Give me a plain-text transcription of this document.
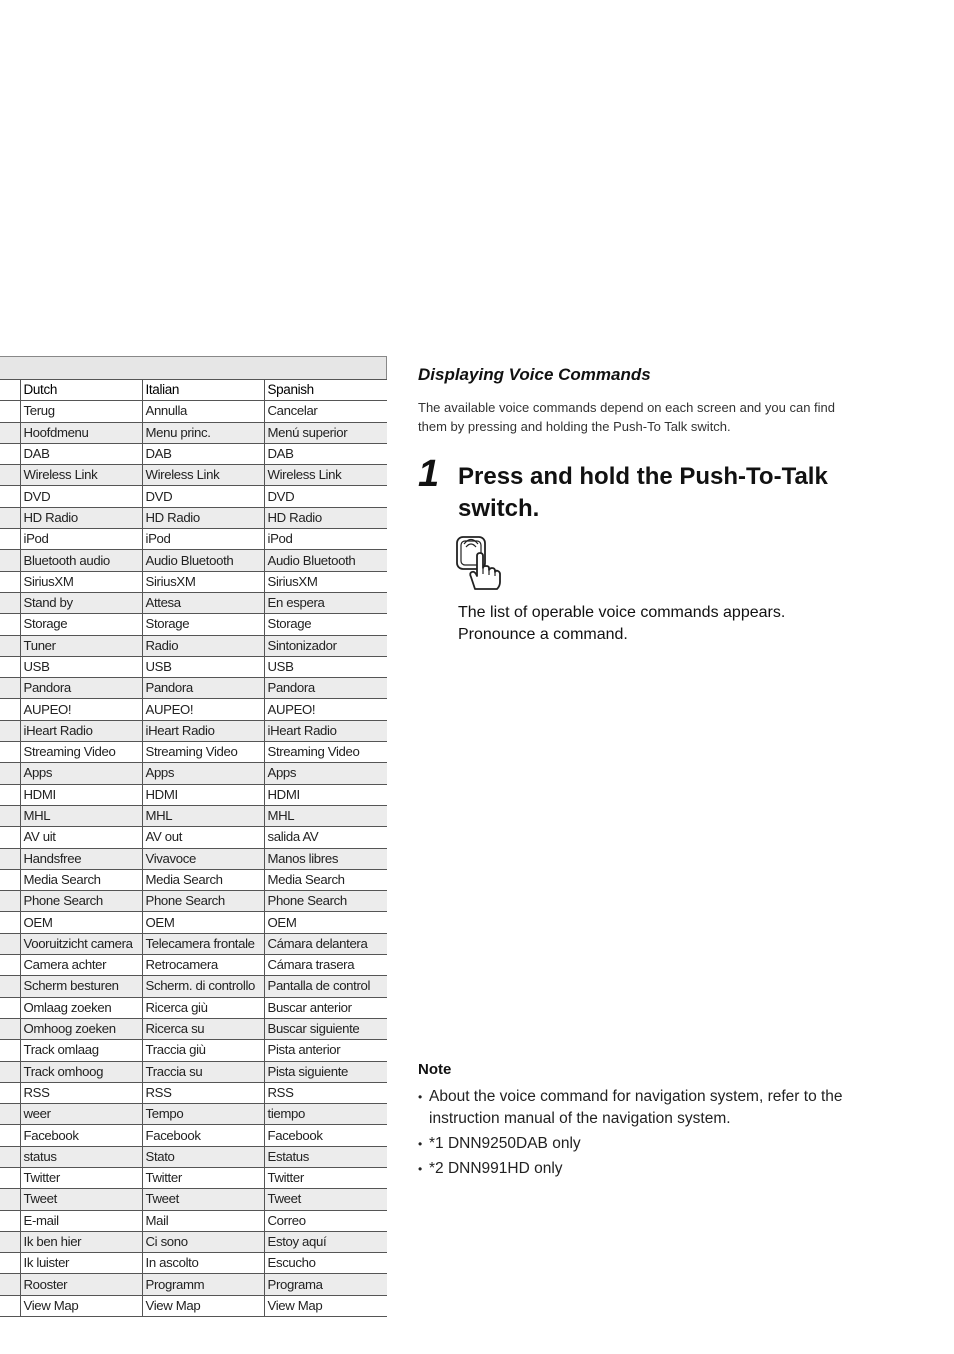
	Dutch	Italian	Spanish
	Terug	Annulla	Cancelar
	Hoofdmenu	Menu princ.	Menú superior
	DAB	DAB	DAB
	Wireless Link	Wireless Link	Wireless Link
	DVD	DVD	DVD
	HD Radio	HD Radio	HD Radio
	iPod	iPod	iPod
	Bluetooth audio	Audio Bluetooth	Audio Bluetooth
	SiriusXM	SiriusXM	SiriusXM
	Stand by	Attesa	En espera
	Storage	Storage	Storage
	Tuner	Radio	Sintonizador
	USB	USB	USB
	Pandora	Pandora	Pandora
	AUPEO!	AUPEO!	AUPEO!
	iHeart Radio	iHeart Radio	iHeart Radio
	Streaming Video	Streaming Video	Streaming Video
	Apps	Apps	Apps
	HDMI	HDMI	HDMI
	MHL	MHL	MHL
	AV uit	AV out	salida AV
	Handsfree	Vivavoce	Manos libres
	Media Search	Media Search	Media Search
	Phone Search	Phone Search	Phone Search
	OEM	OEM	OEM
	Vooruitzicht camera	Telecamera frontale	Cámara delantera
	Camera achter	Retrocamera	Cámara trasera
	Scherm besturen	Scherm. di controllo	Pantalla de control
	Omlaag zoeken	Ricerca giù	Buscar anterior
	Omhoog zoeken	Ricerca su	Buscar siguiente
	Track omlaag	Traccia giù	Pista anterior
	Track omhoog	Traccia su	Pista siguiente
	RSS	RSS	RSS
	weer	Tempo	tiempo
	Facebook	Facebook	Facebook
	status	Stato	Estatus
	Twitter	Twitter	Twitter
	Tweet	Tweet	Tweet
	E-mail	Mail	Correo
	Ik ben hier	Ci sono	Estoy aquí
	Ik luister	In ascolto	Escucho
	Rooster	Programm	Programa
	View Map	View Map	View Map
Displaying Voice Commands

The available voice commands depend on each screen and you can find them by pressing and holding the Push-To Talk switch.

1 Press and hold the Push-To-Talk switch.

The list of operable voice commands appears.
Pronounce a command.

Note
• About the voice command for navigation system, refer to the instruction manual of the navigation system.
• *1 DNN9250DAB only
• *2 DNN991HD only
